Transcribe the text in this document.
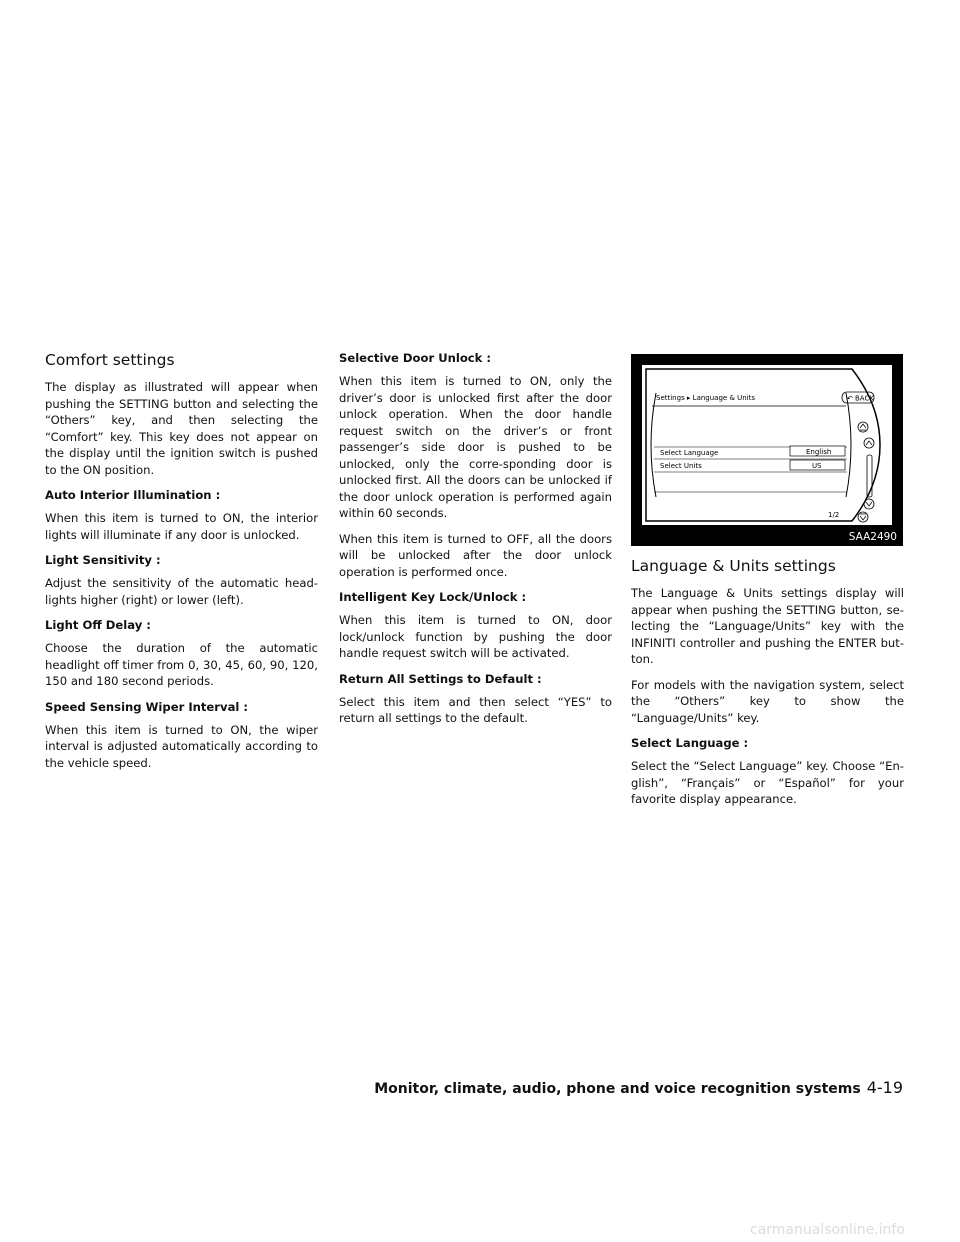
Comfort settings

The display as illustrated will appear when pushing the SETTING button and selecting the “Others” key, and then selecting the “Comfort” key. This key does not appear on the display until the ignition switch is pushed to the ON position.

Auto Interior Illumination :

When this item is turned to ON, the interior lights will illuminate if any door is unlocked.

Light Sensitivity :

Adjust the sensitivity of the automatic head-lights higher (right) or lower (left).

Light Off Delay :

Choose the duration of the automatic headlight off timer from 0, 30, 45, 60, 90, 120, 150 and 180 second periods.

Speed Sensing Wiper Interval :

When this item is turned to ON, the wiper interval is adjusted automatically according to the vehicle speed.

Selective Door Unlock :

When this item is turned to ON, only the driver’s door is unlocked first after the door unlock operation. When the door handle request switch on the driver’s or front passenger’s side door is pushed to be unlocked, only the corre-sponding door is unlocked first. All the doors can be unlocked if the door unlock operation is performed again within 60 seconds.

When this item is turned to OFF, all the doors will be unlocked after the door unlock operation is performed once.

Intelligent Key Lock/Unlock :

When this item is turned to ON, door lock/unlock function by pushing the door handle request switch will be activated.

Return All Settings to Default :

Select this item and then select “YES” to return all settings to the default.

Settings ▸ Language & Units	↶ BACK
Select Language	English
Select Units	US
1/2
SAA2490
Language & Units settings

The Language & Units settings display will appear when pushing the SETTING button, se-lecting the “Language/Units” key with the INFINITI controller and pushing the ENTER but-ton.

For models with the navigation system, select the “Others” key to show the “Language/Units” key.

Select Language :

Select the “Select Language” key. Choose “En-glish”, “Français” or “Español” for your favorite display appearance.

Monitor, climate, audio, phone and voice recognition systems 4-19
carmanualsonline.info
